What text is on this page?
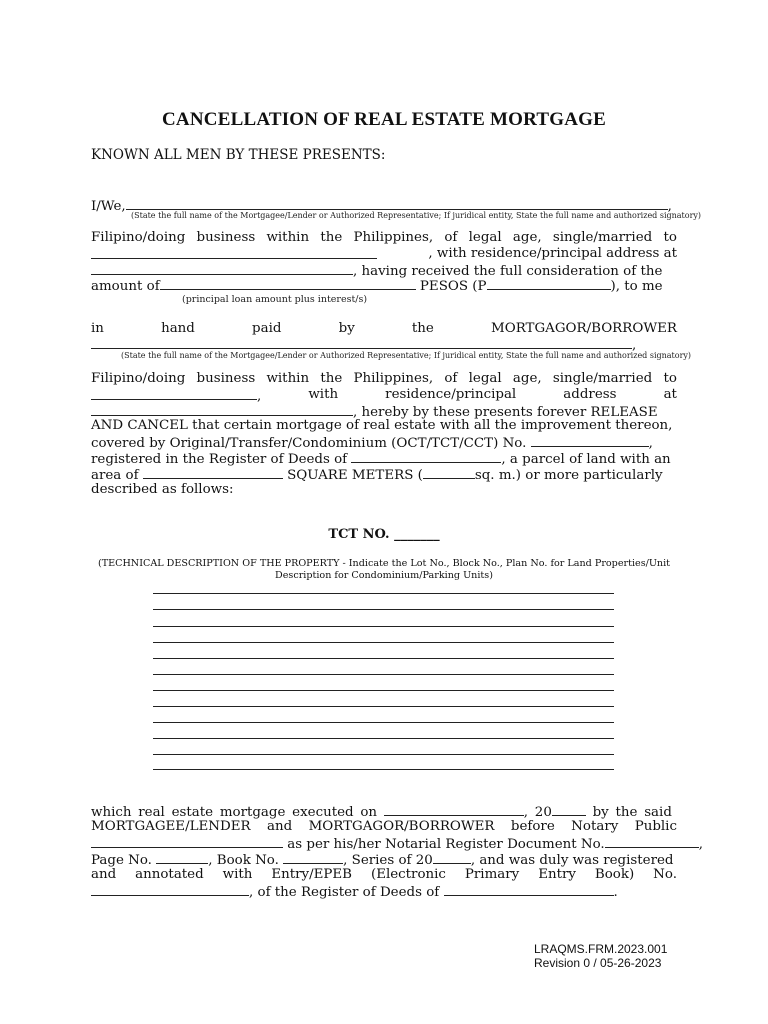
CANCELLATION OF REAL ESTATE MORTGAGE
KNOWN ALL MEN BY THESE PRESENTS:
I/We,	,
(State the full name of the Mortgagee/Lender or Authorized Representative; If juridical entity, State the full name and authorized signatory)
Filipino/doing business within the Philippines, of legal age, single/married to
, with residence/principal address at
, having received the full consideration of the
amount of	PESOS (P	), to me
(principal loan amount plus interest/s)
in	hand	paid	by	the	MORTGAGOR/BORROWER
,
(State the full name of the Mortgagee/Lender or Authorized Representative; If juridical entity, State the full name and authorized signatory)
Filipino/doing business within the Philippines, of legal age, single/married to
,	with	residence/principal	address	at
, hereby by these presents forever RELEASE
AND CANCEL that certain mortgage of real estate with all the improvement thereon,
covered by Original/Transfer/Condominium (OCT/TCT/CCT) No.	,
registered in the Register of Deeds of	, a parcel of land with an
area of	SQUARE METERS (	sq. m.) or more particularly
described as follows:
TCT NO. _______
(TECHNICAL DESCRIPTION OF THE PROPERTY - Indicate the Lot No., Block No., Plan No. for Land Properties/Unit Description for Condominium/Parking Units)
which real estate mortgage executed on	, 20	by the said
MORTGAGEE/LENDER and MORTGAGOR/BORROWER before Notary Public
as per his/her Notarial Register Document No.	,
Page No.	, Book No.	, Series of 20	, and was duly was registered
and annotated with Entry/EPEB (Electronic Primary Entry Book) No.
, of the Register of Deeds of	.
LRAQMS.FRM.2023.001
Revision 0 / 05-26-2023
